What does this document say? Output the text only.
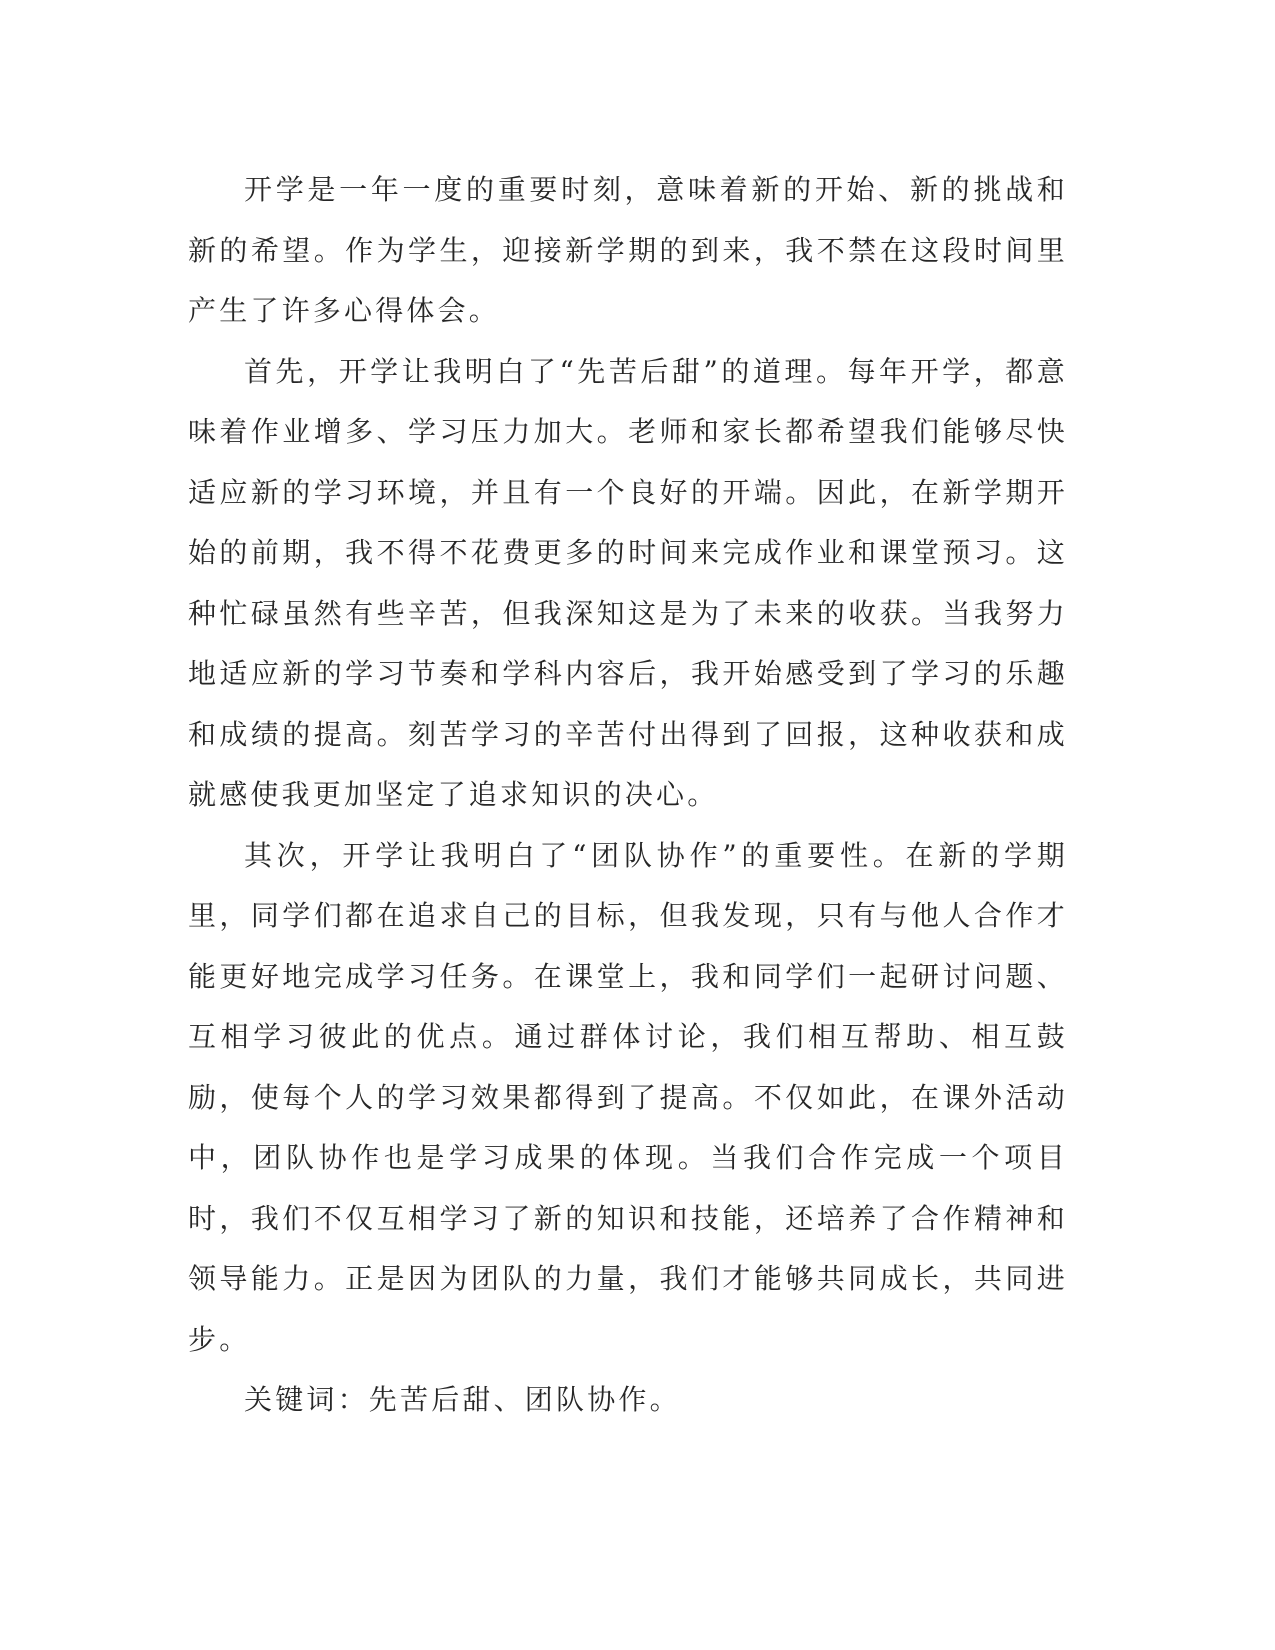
开学是一年一度的重要时刻，意味着新的开始、新的挑战和新的希望。作为学生，迎接新学期的到来，我不禁在这段时间里产生了许多心得体会。

首先，开学让我明白了“先苦后甜”的道理。每年开学，都意味着作业增多、学习压力加大。老师和家长都希望我们能够尽快适应新的学习环境，并且有一个良好的开端。因此，在新学期开始的前期，我不得不花费更多的时间来完成作业和课堂预习。这种忙碌虽然有些辛苦，但我深知这是为了未来的收获。当我努力地适应新的学习节奏和学科内容后，我开始感受到了学习的乐趣和成绩的提高。刻苦学习的辛苦付出得到了回报，这种收获和成就感使我更加坚定了追求知识的决心。

其次，开学让我明白了“团队协作”的重要性。在新的学期里，同学们都在追求自己的目标，但我发现，只有与他人合作才能更好地完成学习任务。在课堂上，我和同学们一起研讨问题、互相学习彼此的优点。通过群体讨论，我们相互帮助、相互鼓励，使每个人的学习效果都得到了提高。不仅如此，在课外活动中，团队协作也是学习成果的体现。当我们合作完成一个项目时，我们不仅互相学习了新的知识和技能，还培养了合作精神和领导能力。正是因为团队的力量，我们才能够共同成长，共同进步。

关键词：先苦后甜、团队协作。
